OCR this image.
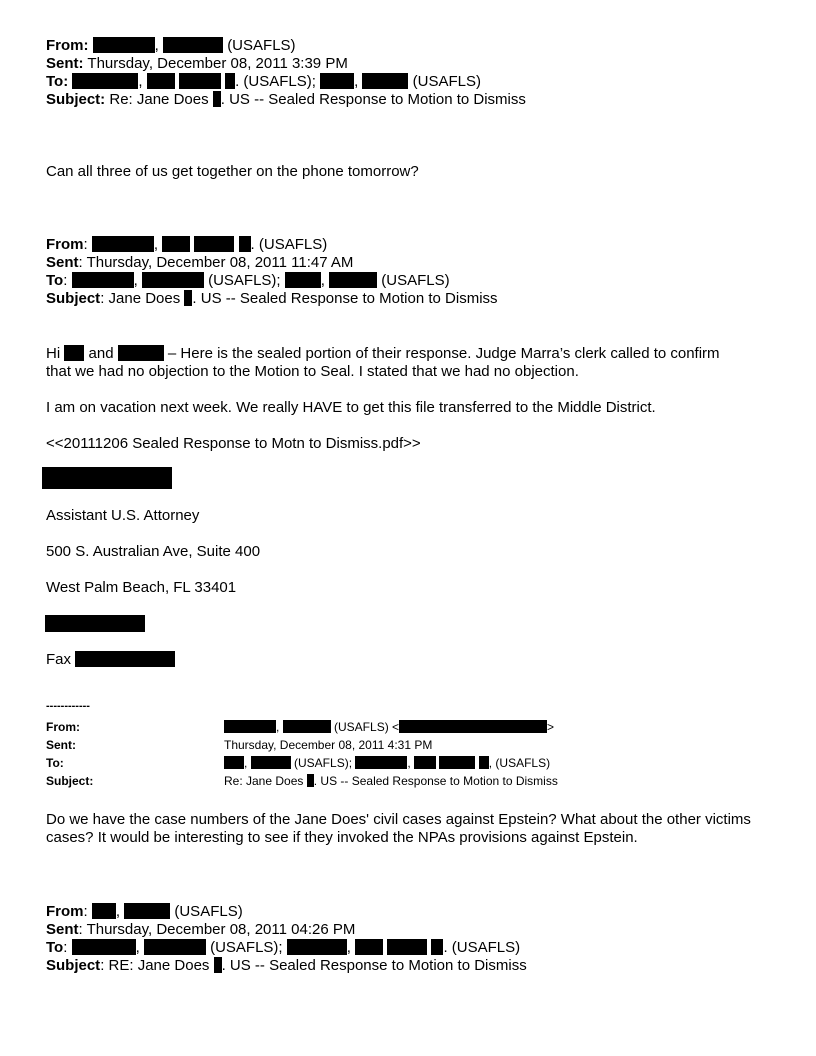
From:	,	(USAFLS)
Sent: Thursday, December 08, 2011 3:39 PM
To:	,	. (USAFLS);	,	(USAFLS)
Subject: Re: Jane Does . US -- Sealed Response to Motion to Dismiss
Can all three of us get together on the phone tomorrow?
From:	,	. (USAFLS)
Sent: Thursday, December 08, 2011 11:47 AM
To:	,	(USAFLS);	,	(USAFLS)
Subject: Jane Does . US -- Sealed Response to Motion to Dismiss
Hi and	– Here is the sealed portion of their response. Judge Marra’s clerk called to confirm
that we had no objection to the Motion to Seal. I stated that we had no objection.
I am on vacation next week. We really HAVE to get this file transferred to the Middle District.
<<20111206 Sealed Response to Motn to Dismiss.pdf>>
Assistant U.S. Attorney
500 S. Australian Ave, Suite 400
West Palm Beach, FL 33401
Fax
------------
From:	,	(USAFLS) <	>
Sent:	Thursday, December 08, 2011 4:31 PM
To:	,	(USAFLS);	,	, (USAFLS)
Subject:	Re: Jane Does . US -- Sealed Response to Motion to Dismiss
Do we have the case numbers of the Jane Does' civil cases against Epstein? What about the other victims cases? It would be interesting to see if they invoked the NPAs provisions against Epstein.
From: ,	(USAFLS)
Sent: Thursday, December 08, 2011 04:26 PM
To:	,	(USAFLS);	,	. (USAFLS)
Subject: RE: Jane Does . US -- Sealed Response to Motion to Dismiss
